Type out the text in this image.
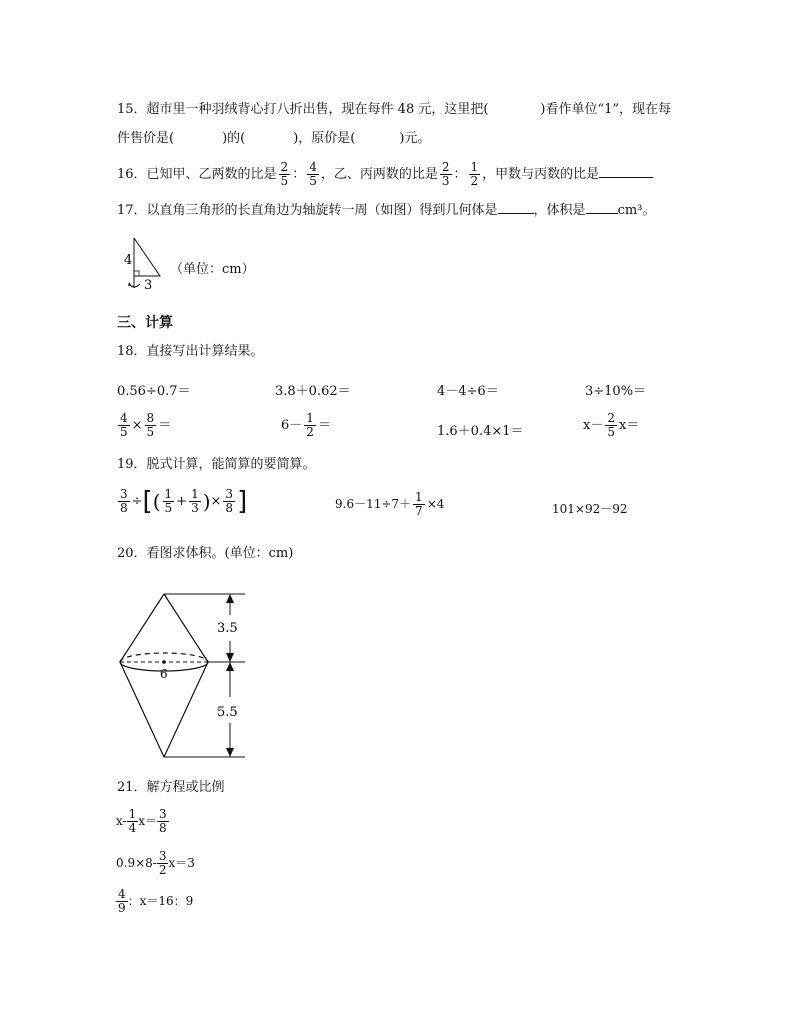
15．超市里一种羽绒背心打八折出售，现在每件 48 元，这里把(	)看作单位“1”，现在每
件售价是(	)的(	)，原价是(	)元。
16．已知甲、乙两数的比是 $\frac{2}{5}$ ： $\frac{4}{5}$ ，乙、丙两数的比是 $\frac{2}{3}$ ： $\frac{1}{2}$ ，甲数与丙数的比是
17．以直角三角形的长直角边为轴旋转一周（如图）得到几何体是	，体积是 cm³。
4
3
（单位：cm）
三、计算
18．直接写出计算结果。
0.56÷0.7＝	3.8＋0.62＝	4－4÷6＝	3÷10%＝
$\frac{4}{5} \times \frac{8}{5}$ ＝	$6- \frac{1}{2}$ ＝	1.6＋0.4×1＝	$x- \frac{2}{5} x=$
19．脱式计算，能简算的要简算。
$\frac{3}{8}$ ÷[( $\frac{1}{5} + \frac{1}{3}$ )× $\frac{3}{8}$ ]	$9.6-11\div 7+ \frac{1}{7} \times 4$	101×92－92
20．看图求体积。(单位：cm)
6
3.5
5.5
21．解方程或比例
$x- \frac{1}{4} x= \frac{3}{8}$
$0.9\times 8- \frac{3}{2} x=3$
$\frac{4}{9}$ ：x＝16：9
